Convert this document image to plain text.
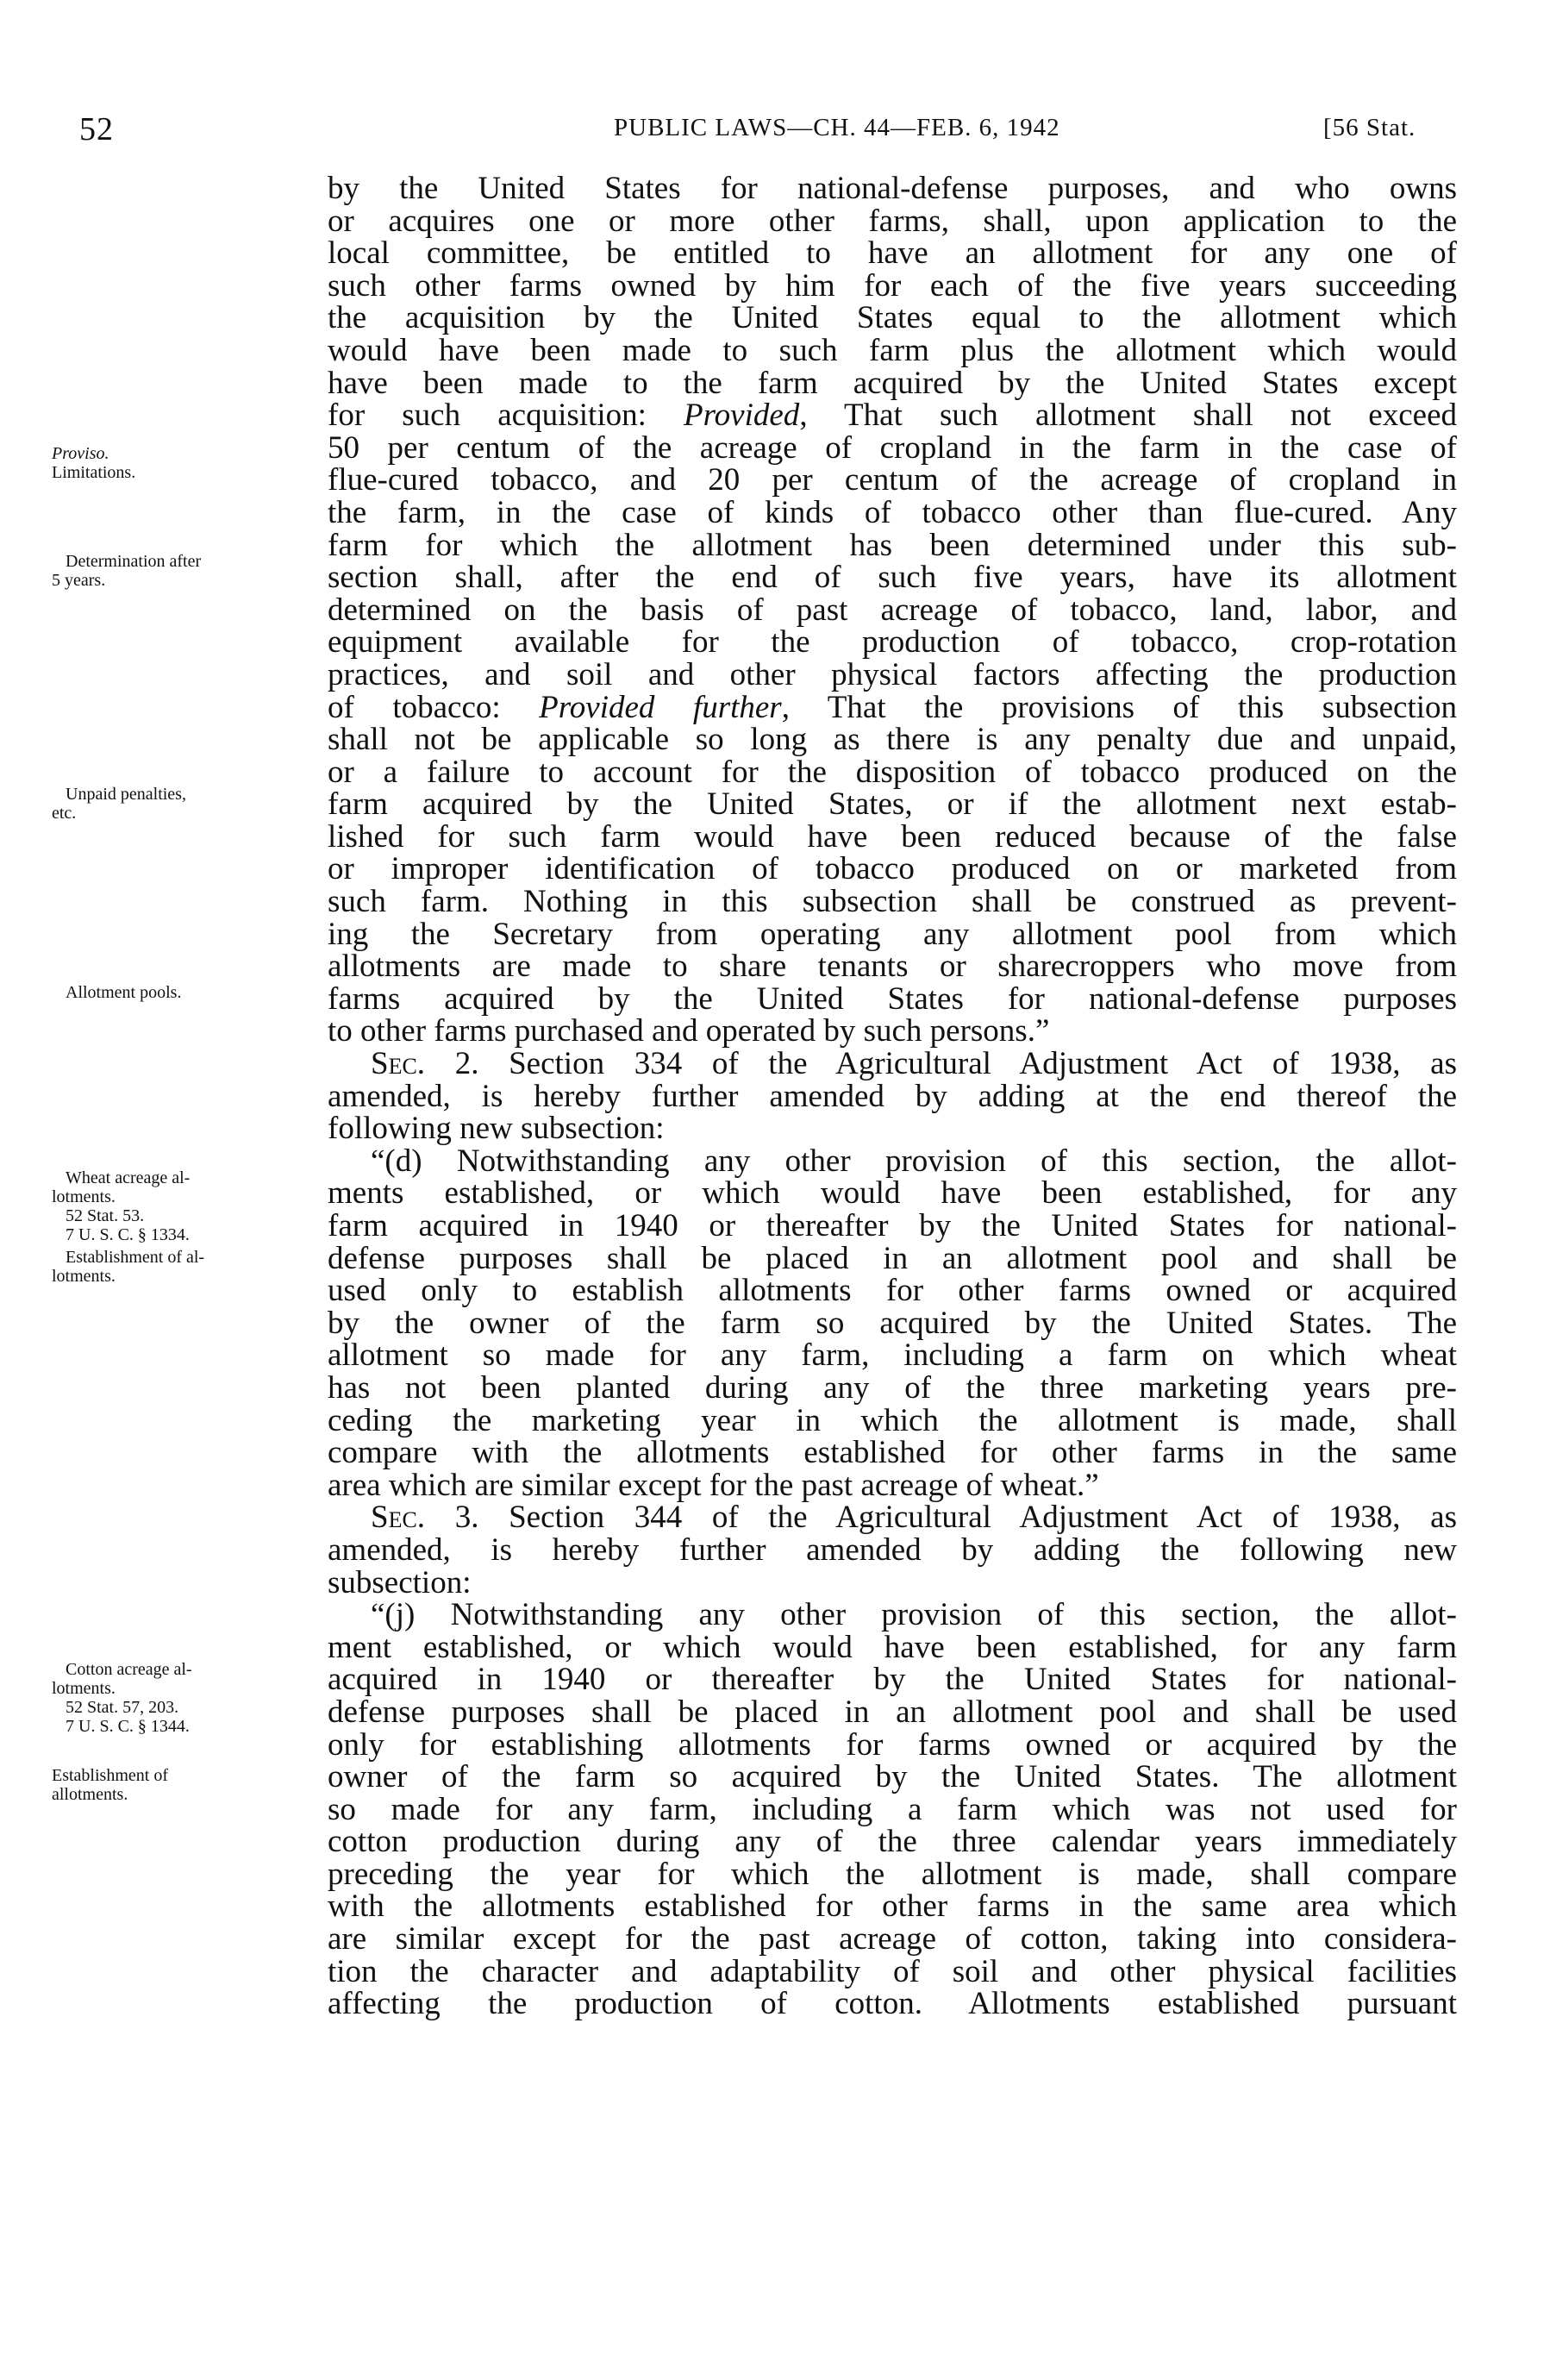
52	PUBLIC LAWS—CH. 44—FEB. 6, 1942	[56 Stat.
Proviso.
Limitations.
Determination after
5 years.
Unpaid penalties,
etc.
Allotment pools.
Wheat acreage al-
lotments.
52 Stat. 53.
7 U. S. C. § 1334.
Establishment of al-
lotments.
Cotton acreage al-
lotments.
52 Stat. 57, 203.
7 U. S. C. § 1344.
Establishment of
allotments.
by the United States for national-defense purposes, and who owns
or acquires one or more other farms, shall, upon application to the
local committee, be entitled to have an allotment for any one of
such other farms owned by him for each of the five years succeeding
the acquisition by the United States equal to the allotment which
would have been made to such farm plus the allotment which would
have been made to the farm acquired by the United States except
for such acquisition: Provided, That such allotment shall not exceed
50 per centum of the acreage of cropland in the farm in the case of
flue-cured tobacco, and 20 per centum of the acreage of cropland in
the farm, in the case of kinds of tobacco other than flue-cured. Any
farm for which the allotment has been determined under this sub-
section shall, after the end of such five years, have its allotment
determined on the basis of past acreage of tobacco, land, labor, and
equipment available for the production of tobacco, crop-rotation
practices, and soil and other physical factors affecting the production
of tobacco: Provided further, That the provisions of this subsection
shall not be applicable so long as there is any penalty due and unpaid,
or a failure to account for the disposition of tobacco produced on the
farm acquired by the United States, or if the allotment next estab-
lished for such farm would have been reduced because of the false
or improper identification of tobacco produced on or marketed from
such farm. Nothing in this subsection shall be construed as prevent-
ing the Secretary from operating any allotment pool from which
allotments are made to share tenants or sharecroppers who move from
farms acquired by the United States for national-defense purposes
to other farms purchased and operated by such persons.”
Sec. 2. Section 334 of the Agricultural Adjustment Act of 1938, as
amended, is hereby further amended by adding at the end thereof the
following new subsection:
“(d) Notwithstanding any other provision of this section, the allot-
ments established, or which would have been established, for any
farm acquired in 1940 or thereafter by the United States for national-
defense purposes shall be placed in an allotment pool and shall be
used only to establish allotments for other farms owned or acquired
by the owner of the farm so acquired by the United States. The
allotment so made for any farm, including a farm on which wheat
has not been planted during any of the three marketing years pre-
ceding the marketing year in which the allotment is made, shall
compare with the allotments established for other farms in the same
area which are similar except for the past acreage of wheat.”
Sec. 3. Section 344 of the Agricultural Adjustment Act of 1938, as
amended, is hereby further amended by adding the following new
subsection:
“(j) Notwithstanding any other provision of this section, the allot-
ment established, or which would have been established, for any farm
acquired in 1940 or thereafter by the United States for national-
defense purposes shall be placed in an allotment pool and shall be used
only for establishing allotments for farms owned or acquired by the
owner of the farm so acquired by the United States. The allotment
so made for any farm, including a farm which was not used for
cotton production during any of the three calendar years immediately
preceding the year for which the allotment is made, shall compare
with the allotments established for other farms in the same area which
are similar except for the past acreage of cotton, taking into considera-
tion the character and adaptability of soil and other physical facilities
affecting the production of cotton. Allotments established pursuant
